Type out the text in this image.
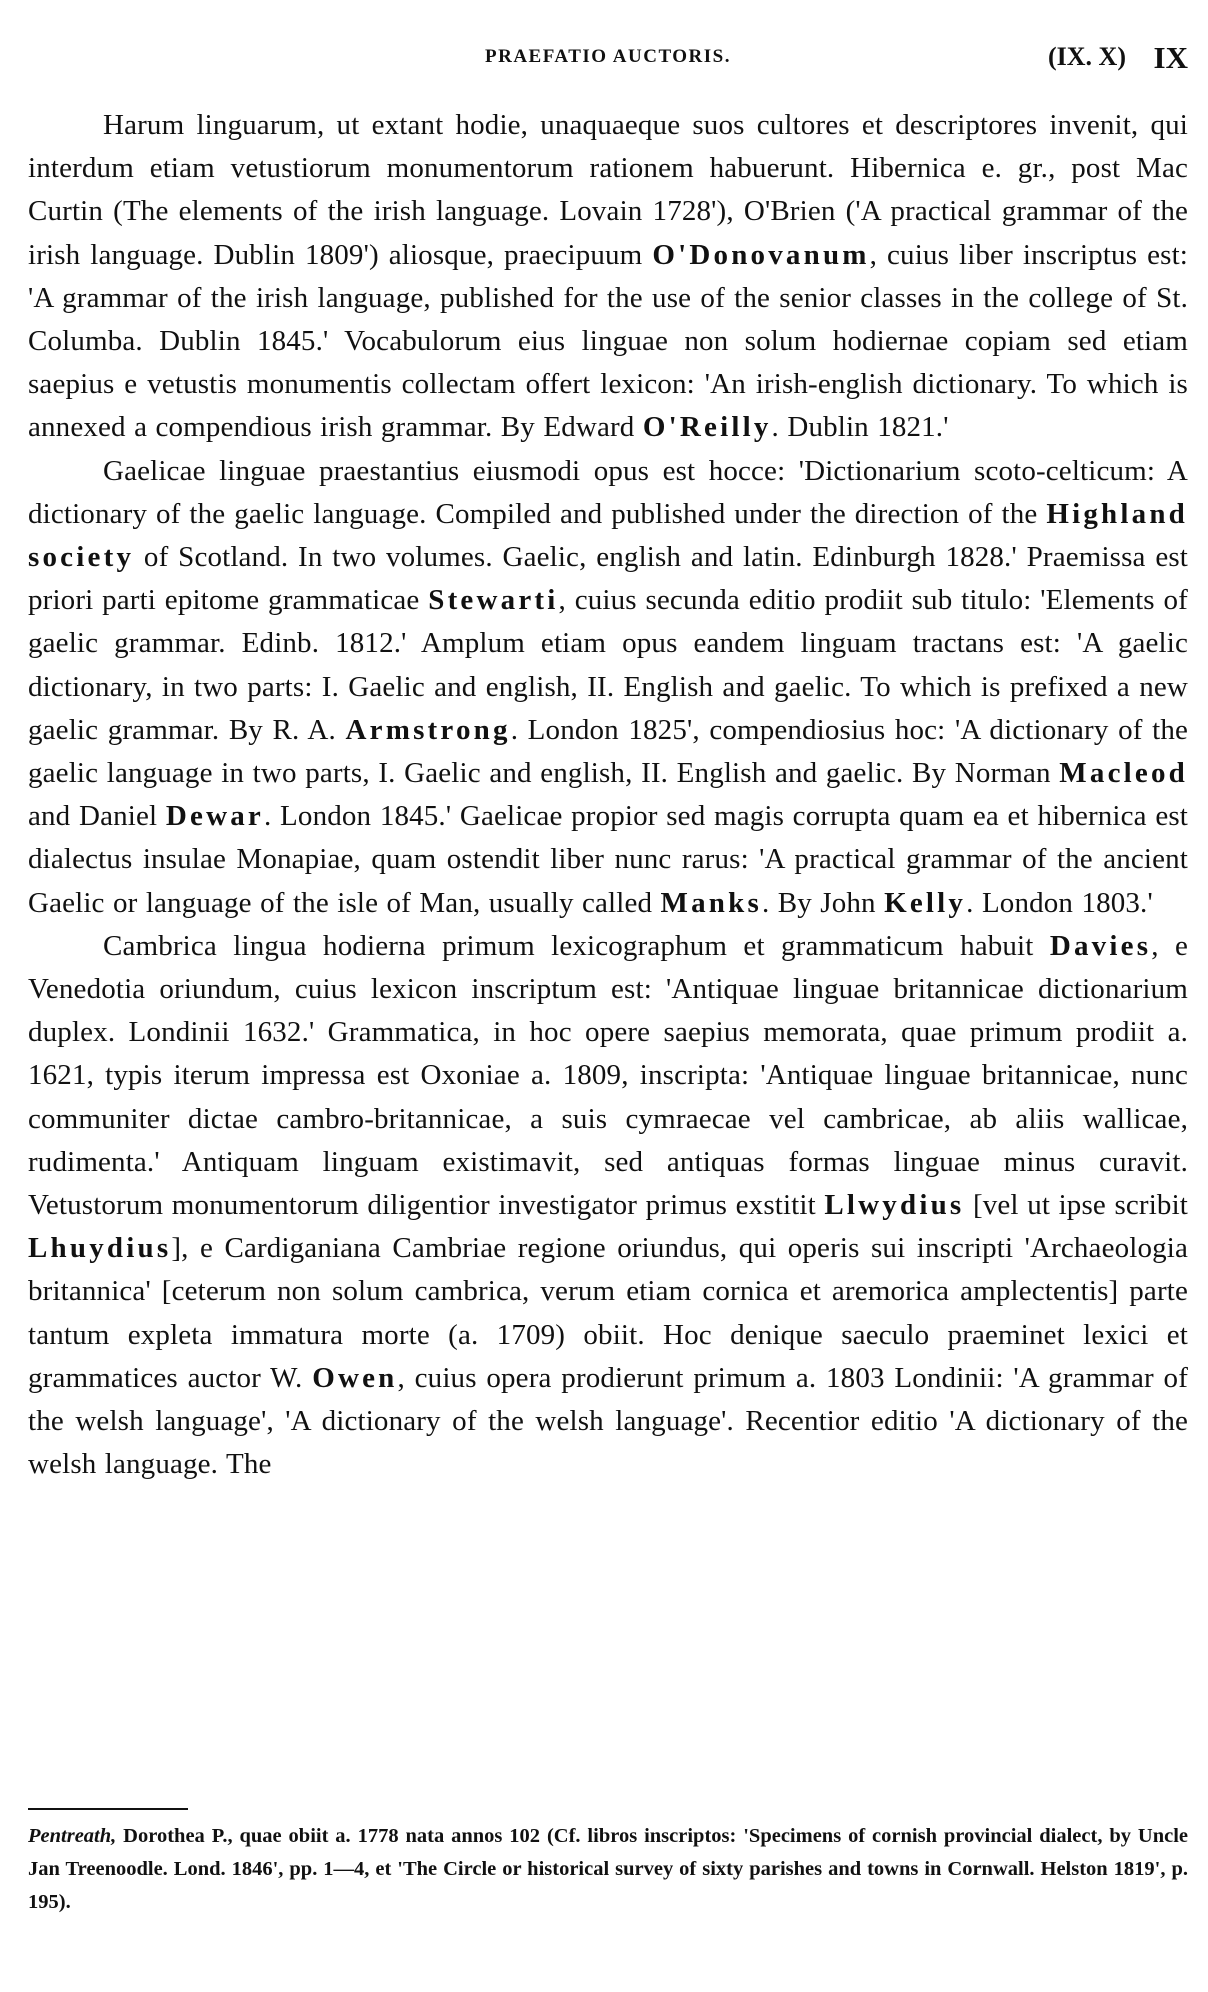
PRAEFATIO AUCTORIS.	(IX. X) IX

Harum linguarum, ut extant hodie, unaquaeque suos cultores et descriptores invenit, qui interdum etiam vetustiorum monumentorum rationem habuerunt. Hibernica e. gr., post Mac Curtin (The elements of the irish language. Lovain 1728'), O'Brien ('A practical grammar of the irish language. Dublin 1809') aliosque, praecipuum O'Donovanum, cuius liber inscriptus est: 'A grammar of the irish language, published for the use of the senior classes in the college of St. Columba. Dublin 1845.' Vocabulorum eius linguae non solum hodiernae copiam sed etiam saepius e vetustis monumentis collectam offert lexicon: 'An irish-english dictionary. To which is annexed a compendious irish grammar. By Edward O'Reilly. Dublin 1821.'

Gaelicae linguae praestantius eiusmodi opus est hocce: 'Dictionarium scoto-celticum: A dictionary of the gaelic language. Compiled and published under the direction of the Highland society of Scotland. In two volumes. Gaelic, english and latin. Edinburgh 1828.' Praemissa est priori parti epitome grammaticae Stewarti, cuius secunda editio prodiit sub titulo: 'Elements of gaelic grammar. Edinb. 1812.' Amplum etiam opus eandem linguam tractans est: 'A gaelic dictionary, in two parts: I. Gaelic and english, II. English and gaelic. To which is prefixed a new gaelic grammar. By R. A. Armstrong. London 1825', compendiosius hoc: 'A dictionary of the gaelic language in two parts, I. Gaelic and english, II. English and gaelic. By Norman Macleod and Daniel Dewar. London 1845.' Gaelicae propior sed magis corrupta quam ea et hibernica est dialectus insulae Monapiae, quam ostendit liber nunc rarus: 'A practical grammar of the ancient Gaelic or language of the isle of Man, usually called Manks. By John Kelly. London 1803.'

Cambrica lingua hodierna primum lexicographum et grammaticum habuit Davies, e Venedotia oriundum, cuius lexicon inscriptum est: 'Antiquae linguae britannicae dictionarium duplex. Londinii 1632.' Grammatica, in hoc opere saepius memorata, quae primum prodiit a. 1621, typis iterum impressa est Oxoniae a. 1809, inscripta: 'Antiquae linguae britannicae, nunc communiter dictae cambro-britannicae, a suis cymraecae vel cambricae, ab aliis wallicae, rudimenta.' Antiquam linguam existimavit, sed antiquas formas linguae minus curavit. Vetustorum monumentorum diligentior investigator primus exstitit Llwydius [vel ut ipse scribit Lhuydius], e Cardiganiana Cambriae regione oriundus, qui operis sui inscripti 'Archaeologia britannica' [ceterum non solum cambrica, verum etiam cornica et aremorica amplectentis] parte tantum expleta immatura morte (a. 1709) obiit. Hoc denique saeculo praeminet lexici et grammatices auctor W. Owen, cuius opera prodierunt primum a. 1803 Londinii: 'A grammar of the welsh language', 'A dictionary of the welsh language'. Recentior editio 'A dictionary of the welsh language. The

Pentreath, Dorothea P., quae obiit a. 1778 nata annos 102 (Cf. libros inscriptos: 'Specimens of cornish provincial dialect, by Uncle Jan Treenoodle. Lond. 1846', pp. 1—4, et 'The Circle or historical survey of sixty parishes and towns in Cornwall. Helston 1819', p. 195).
